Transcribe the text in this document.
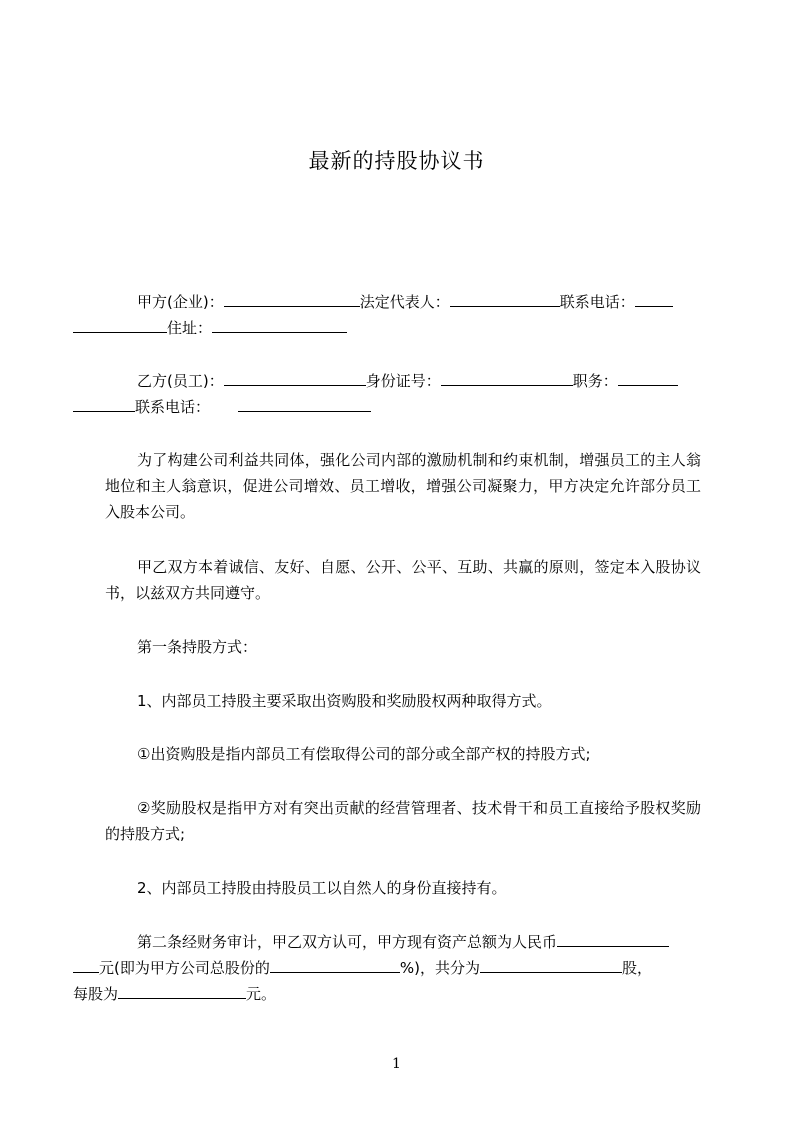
最新的持股协议书

甲方(企业)：	法定代表人：	联系电话：
住址：

乙方(员工)：	身份证号：	职务：
联系电话：

为了构建公司利益共同体，强化公司内部的激励机制和约束机制，增强员工的主人翁地位和主人翁意识，促进公司增效、员工增收，增强公司凝聚力，甲方决定允许部分员工入股本公司。

甲乙双方本着诚信、友好、自愿、公开、公平、互助、共赢的原则，签定本入股协议书，以兹双方共同遵守。

第一条持股方式：

1、内部员工持股主要采取出资购股和奖励股权两种取得方式。

①出资购股是指内部员工有偿取得公司的部分或全部产权的持股方式;

②奖励股权是指甲方对有突出贡献的经营管理者、技术骨干和员工直接给予股权奖励的持股方式;

2、内部员工持股由持股员工以自然人的身份直接持有。

第二条经财务审计，甲乙双方认可，甲方现有资产总额为人民币
元(即为甲方公司总股份的	%)，共分为	股，
每股为	元。

1
